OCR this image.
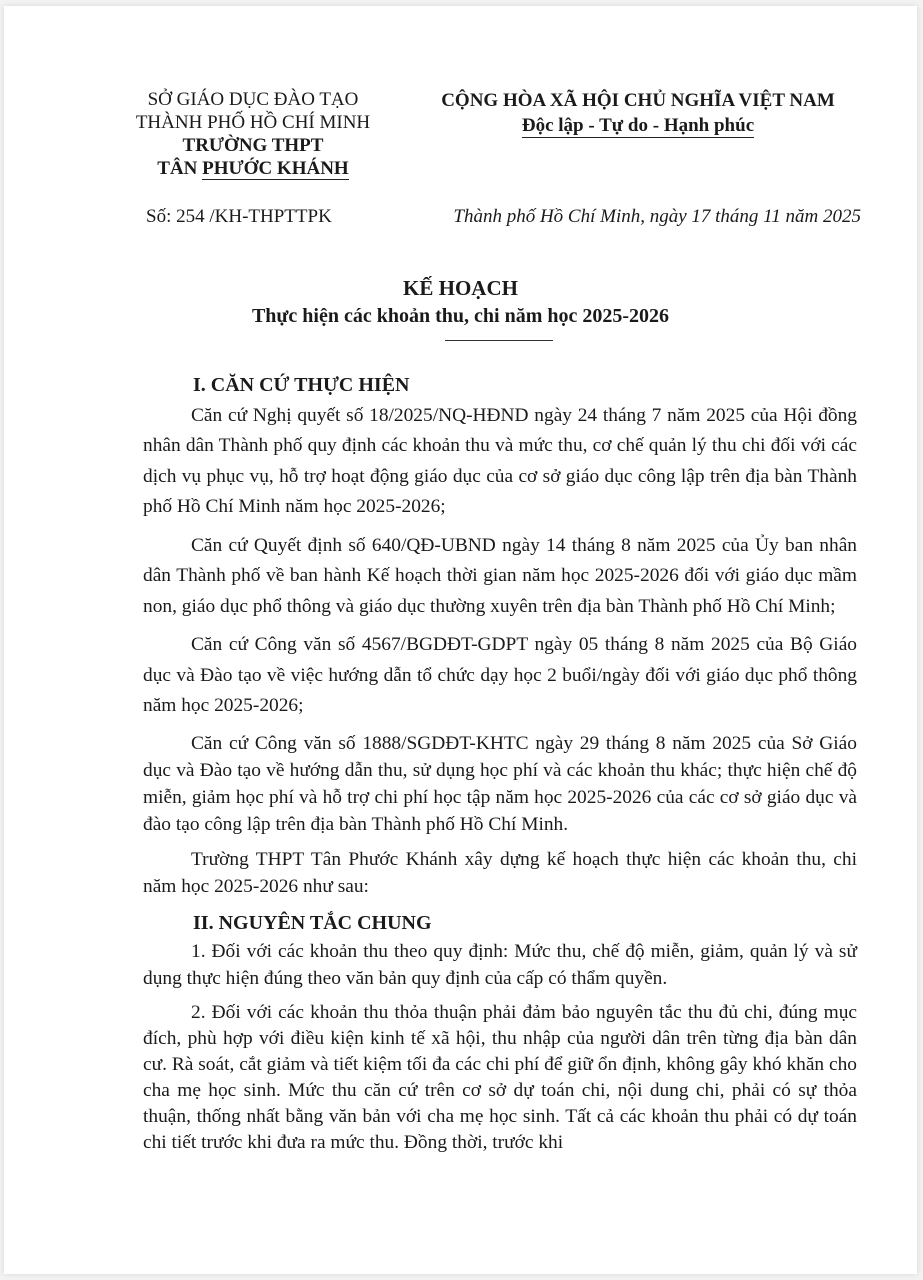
SỞ GIÁO DỤC ĐÀO TẠO
THÀNH PHỐ HỒ CHÍ MINH
TRƯỜNG THPT
TÂN PHƯỚC KHÁNH
CỘNG HÒA XÃ HỘI CHỦ NGHĨA VIỆT NAM
Độc lập - Tự do - Hạnh phúc
Số: 254 /KH-THPTTPK	Thành phố Hồ Chí Minh, ngày 17 tháng 11 năm 2025
KẾ HOẠCH
Thực hiện các khoản thu, chi năm học 2025-2026

I. CĂN CỨ THỰC HIỆN

Căn cứ Nghị quyết số 18/2025/NQ-HĐND ngày 24 tháng 7 năm 2025 của Hội đồng nhân dân Thành phố quy định các khoản thu và mức thu, cơ chế quản lý thu chi đối với các dịch vụ phục vụ, hỗ trợ hoạt động giáo dục của cơ sở giáo dục công lập trên địa bàn Thành phố Hồ Chí Minh năm học 2025-2026;

Căn cứ Quyết định số 640/QĐ-UBND ngày 14 tháng 8 năm 2025 của Ủy ban nhân dân Thành phố về ban hành Kế hoạch thời gian năm học 2025-2026 đối với giáo dục mầm non, giáo dục phổ thông và giáo dục thường xuyên trên địa bàn Thành phố Hồ Chí Minh;

Căn cứ Công văn số 4567/BGDĐT-GDPT ngày 05 tháng 8 năm 2025 của Bộ Giáo dục và Đào tạo về việc hướng dẫn tổ chức dạy học 2 buổi/ngày đối với giáo dục phổ thông năm học 2025-2026;

Căn cứ Công văn số 1888/SGDĐT-KHTC ngày 29 tháng 8 năm 2025 của Sở Giáo dục và Đào tạo về hướng dẫn thu, sử dụng học phí và các khoản thu khác; thực hiện chế độ miễn, giảm học phí và hỗ trợ chi phí học tập năm học 2025-2026 của các cơ sở giáo dục và đào tạo công lập trên địa bàn Thành phố Hồ Chí Minh.

Trường THPT Tân Phước Khánh xây dựng kế hoạch thực hiện các khoản thu, chi năm học 2025-2026 như sau:

II. NGUYÊN TẮC CHUNG

1. Đối với các khoản thu theo quy định: Mức thu, chế độ miễn, giảm, quản lý và sử dụng thực hiện đúng theo văn bản quy định của cấp có thẩm quyền.

2. Đối với các khoản thu thỏa thuận phải đảm bảo nguyên tắc thu đủ chi, đúng mục đích, phù hợp với điều kiện kinh tế xã hội, thu nhập của người dân trên từng địa bàn dân cư. Rà soát, cắt giảm và tiết kiệm tối đa các chi phí để giữ ổn định, không gây khó khăn cho cha mẹ học sinh. Mức thu căn cứ trên cơ sở dự toán chi, nội dung chi, phải có sự thỏa thuận, thống nhất bằng văn bản với cha mẹ học sinh. Tất cả các khoản thu phải có dự toán chi tiết trước khi đưa ra mức thu. Đồng thời, trước khi
